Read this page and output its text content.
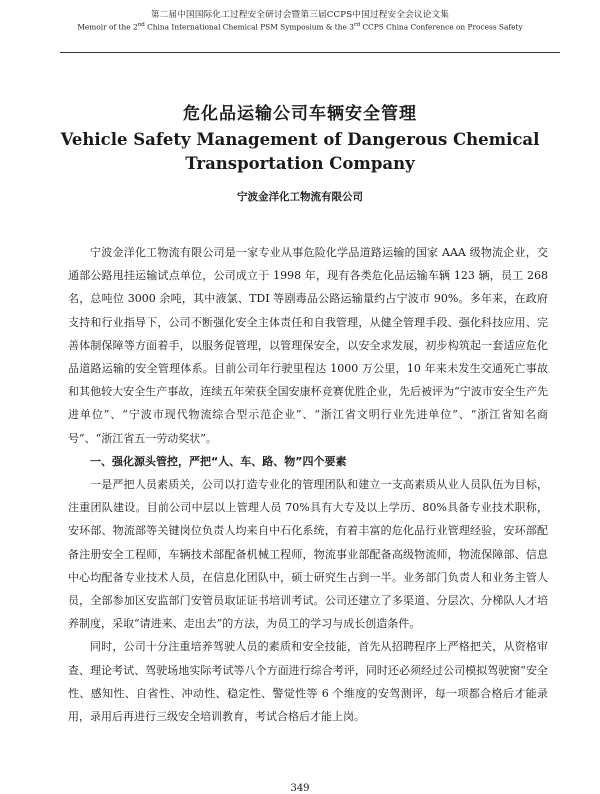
第二届中国国际化工过程安全研讨会暨第三届CCPS中国过程安全会议论文集
Memoir of the 2nd China International Chemical PSM Symposium & the 3rd CCPS China Conference on Process Safety
危化品运输公司车辆安全管理
Vehicle Safety Management of Dangerous Chemical Transportation Company
宁波金洋化工物流有限公司

宁波金洋化工物流有限公司是一家专业从事危险化学品道路运输的国家 AAA 级物流企业，交通部公路甩挂运输试点单位，公司成立于 1998 年，现有各类危化品运输车辆 123 辆，员工 268 名，总吨位 3000 余吨，其中液氯、TDI 等剧毒品公路运输量约占宁波市 90%。多年来，在政府支持和行业指导下，公司不断强化安全主体责任和自我管理，从健全管理手段、强化科技应用、完善体制保障等方面着手，以服务促管理，以管理保安全，以安全求发展，初步构筑起一套适应危化品道路运输的安全管理体系。目前公司年行驶里程达 1000 万公里，10 年来未发生交通死亡事故和其他较大安全生产事故，连续五年荣获全国安康杯竞赛优胜企业，先后被评为“宁波市安全生产先进单位”、“宁波市现代物流综合型示范企业”、“浙江省文明行业先进单位”、“浙江省知名商号”、“浙江省五一劳动奖状”。

一、强化源头管控，严把“人、车、路、物”四个要素

一是严把人员素质关，公司以打造专业化的管理团队和建立一支高素质从业人员队伍为目标，注重团队建设。目前公司中层以上管理人员 70%具有大专及以上学历、80%具备专业技术职称，安环部、物流部等关键岗位负责人均来自中石化系统，有着丰富的危化品行业管理经验，安环部配备注册安全工程师，车辆技术部配备机械工程师，物流事业部配备高级物流师，物流保障部、信息中心均配备专业技术人员，在信息化团队中，硕士研究生占到一半。业务部门负责人和业务主管人员，全部参加区安监部门安管员取证证书培训考试。公司还建立了多渠道、分层次、分梯队人才培养制度，采取“请进来、走出去”的方法，为员工的学习与成长创造条件。

同时，公司十分注重培养驾驶人员的素质和安全技能，首先从招聘程序上严格把关，从资格审查、理论考试、驾驶场地实际考试等八个方面进行综合考评，同时还必须经过公司模拟驾驶窗“安全性、感知性、自省性、冲动性、稳定性、警觉性等 6 个维度的安驾测评，每一项都合格后才能录用，录用后再进行三级安全培训教育，考试合格后才能上岗。

349
